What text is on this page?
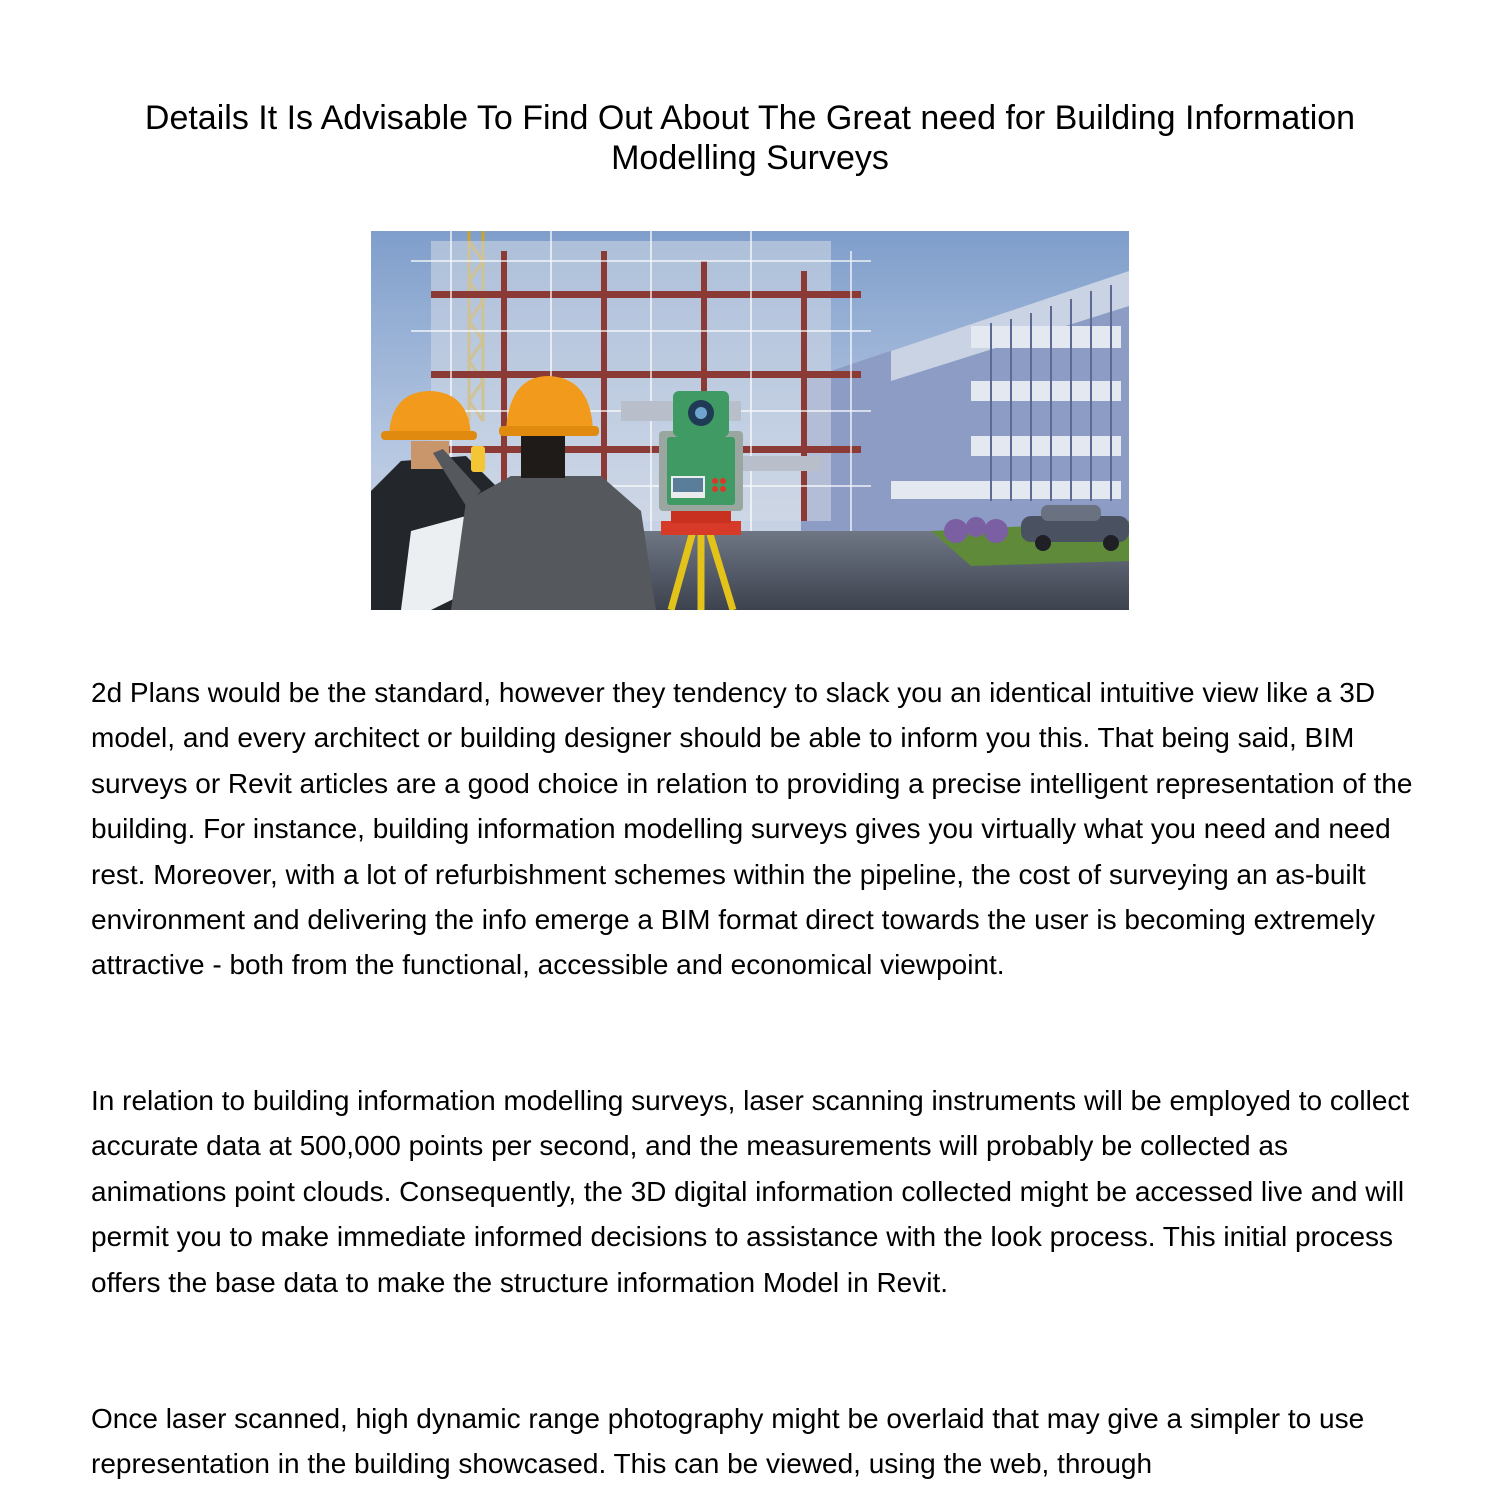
Details It Is Advisable To Find Out About The Great need for Building Information Modelling Surveys

2d Plans would be the standard, however they tendency to slack you an identical intuitive view like a 3D model, and every architect or building designer should be able to inform you this. That being said, BIM surveys or Revit articles are a good choice in relation to providing a precise intelligent representation of the building. For instance, building information modelling surveys gives you virtually what you need and need rest. Moreover, with a lot of refurbishment schemes within the pipeline, the cost of surveying an as-built environment and delivering the info emerge a BIM format direct towards the user is becoming extremely attractive - both from the functional, accessible and economical viewpoint.

In relation to building information modelling surveys, laser scanning instruments will be employed to collect accurate data at 500,000 points per second, and the measurements will probably be collected as animations point clouds. Consequently, the 3D digital information collected might be accessed live and will permit you to make immediate informed decisions to assistance with the look process. This initial process offers the base data to make the structure information Model in Revit.

Once laser scanned, high dynamic range photography might be overlaid that may give a simpler to use representation in the building showcased. This can be viewed, using the web, through
